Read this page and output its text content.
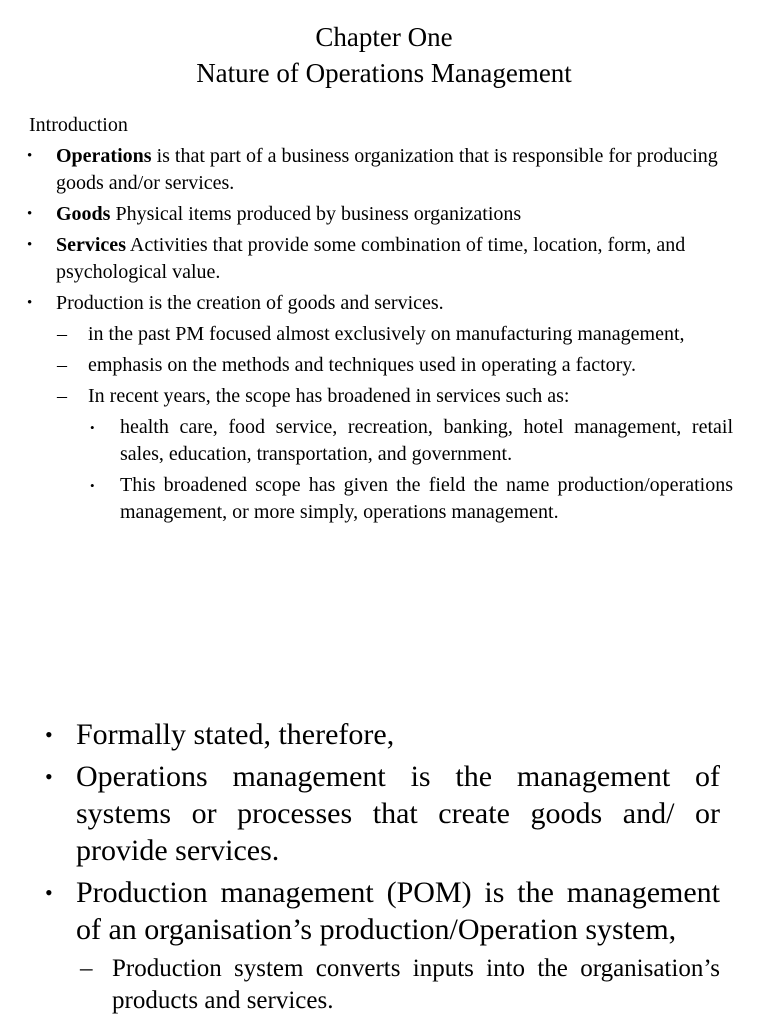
Chapter One

Nature of Operations Management

Introduction
• Operations is that part of a business organization that is responsible for producing goods and/or services.
• Goods Physical items produced by business organizations
• Services Activities that provide some combination of time, location, form, and psychological value.
• Production is the creation of goods and services.
– in the past PM focused almost exclusively on manufacturing management,
– emphasis on the methods and techniques used in operating a factory.
– In recent years, the scope has broadened in services such as:
• health care, food service, recreation, banking, hotel management, retail sales, education, transportation, and government.
• This broadened scope has given the field the name production/operations management, or more simply, operations management.
• Formally stated, therefore,
• Operations management is the management of systems or processes that create goods and/ or provide services.
• Production management (POM) is the management of an organisation’s production/Operation system,
– Production system converts inputs into the organisation’s products and services.
